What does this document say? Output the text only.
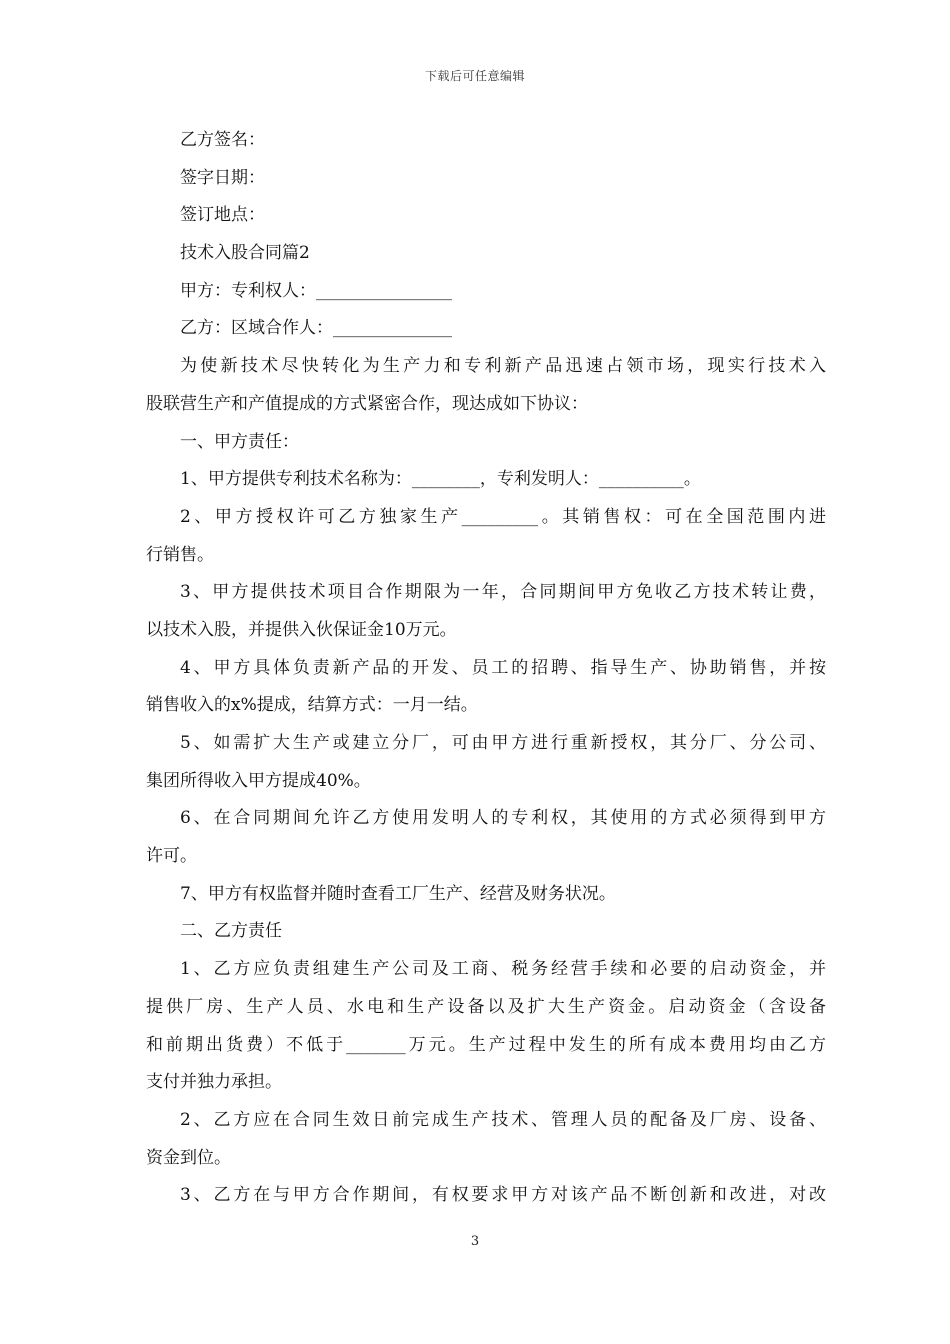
下载后可任意编辑
乙方签名：
签字日期：
签订地点：
技术入股合同篇2
甲方：专利权人：________________
乙方：区域合作人：______________
为使新技术尽快转化为生产力和专利新产品迅速占领市场，现实行技术入
股联营生产和产值提成的方式紧密合作，现达成如下协议：
一、甲方责任：
1、甲方提供专利技术名称为：________，专利发明人：__________。
2、甲方授权许可乙方独家生产_________。其销售权：可在全国范围内进
行销售。
3、甲方提供技术项目合作期限为一年，合同期间甲方免收乙方技术转让费，
以技术入股，并提供入伙保证金10万元。
4、甲方具体负责新产品的开发、员工的招聘、指导生产、协助销售，并按
销售收入的x%提成，结算方式：一月一结。
5、如需扩大生产或建立分厂，可由甲方进行重新授权，其分厂、分公司、
集团所得收入甲方提成40%。
6、在合同期间允许乙方使用发明人的专利权，其使用的方式必须得到甲方
许可。
7、甲方有权监督并随时查看工厂生产、经营及财务状况。
二、乙方责任
1、乙方应负责组建生产公司及工商、税务经营手续和必要的启动资金，并
提供厂房、生产人员、水电和生产设备以及扩大生产资金。启动资金（含设备
和前期出货费）不低于_______万元。生产过程中发生的所有成本费用均由乙方
支付并独力承担。
2、乙方应在合同生效日前完成生产技术、管理人员的配备及厂房、设备、
资金到位。
3、乙方在与甲方合作期间，有权要求甲方对该产品不断创新和改进，对改
3
